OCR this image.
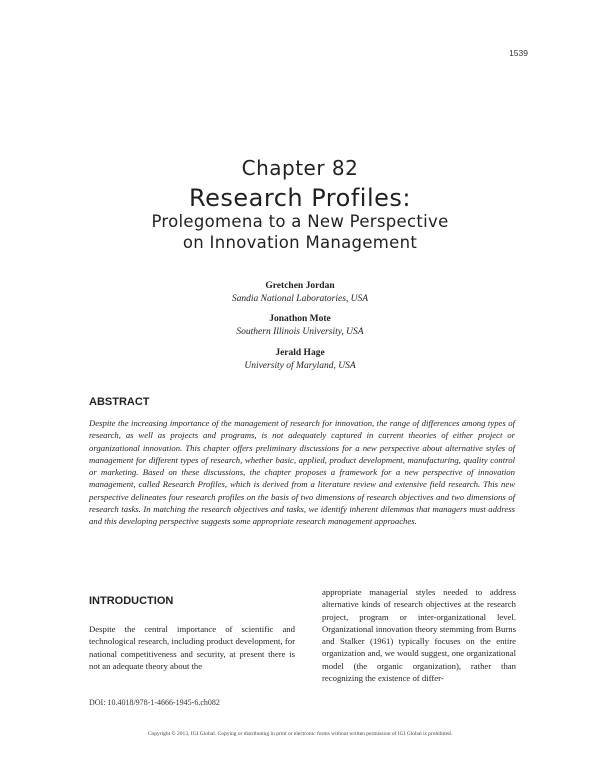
1539
Chapter 82
Research Profiles:
Prolegomena to a New Perspective
on Innovation Management
Gretchen Jordan
Sandia National Laboratories, USA
Jonathon Mote
Southern Illinois University, USA
Jerald Hage
University of Maryland, USA
ABSTRACT

Despite the increasing importance of the management of research for innovation, the range of differences among types of research, as well as projects and programs, is not adequately captured in current theories of either project or organizational innovation. This chapter offers preliminary discussions for a new perspective about alternative styles of management for different types of research, whether basic, applied, product development, manufacturing, quality control or marketing. Based on these discussions, the chapter proposes a framework for a new perspective of innovation management, called Research Profiles, which is derived from a literature review and extensive field research. This new perspective delineates four research profiles on the basis of two dimensions of research objectives and two dimensions of research tasks. In matching the research objectives and tasks, we identify inherent dilemmas that managers must address and this developing perspective suggests some appropriate research management approaches.

INTRODUCTION

Despite the central importance of scientific and technological research, including product development, for national competitiveness and security, at present there is not an adequate theory about the

appropriate managerial styles needed to address alternative kinds of research objectives at the research project, program or inter-organizational level. Organizational innovation theory stemming from Burns and Stalker (1961) typically focuses on the entire organization and, we would suggest, one organizational model (the organic organization), rather than recognizing the existence of differ-

DOI: 10.4018/978-1-4666-1945-6.ch082
Copyright © 2013, IGI Global. Copying or distributing in print or electronic forms without written permission of IGI Global is prohibited.
